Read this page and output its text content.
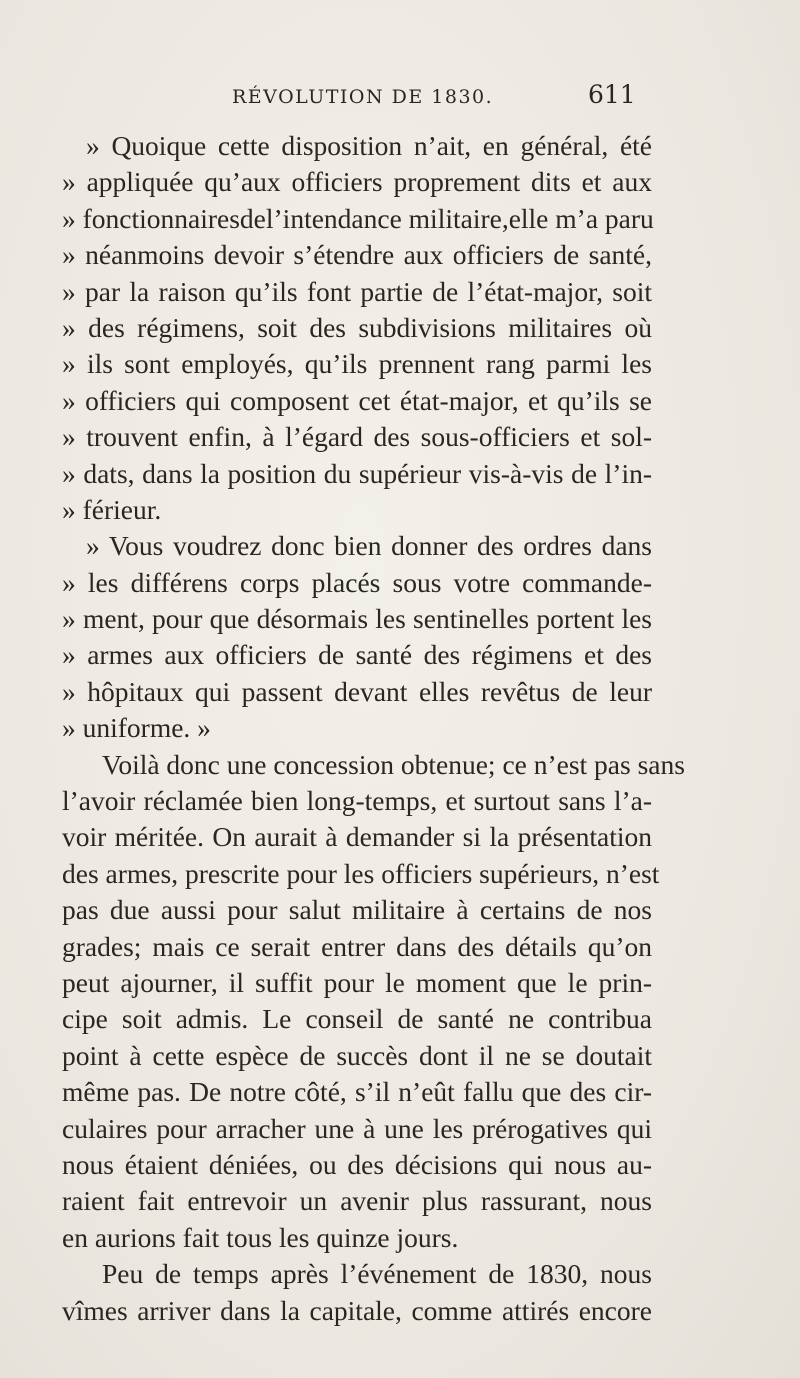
RÉVOLUTION DE 1830.	611
» Quoique cette disposition n’ait, en général, été
» appliquée qu’aux officiers proprement dits et aux
» fonctionnairesdel’intendance militaire,elle m’a paru
» néanmoins devoir s’étendre aux officiers de santé,
» par la raison qu’ils font partie de l’état-major, soit
» des régimens, soit des subdivisions militaires où
» ils sont employés, qu’ils prennent rang parmi les
» officiers qui composent cet état-major, et qu’ils se
» trouvent enfin, à l’égard des sous-officiers et sol-
» dats, dans la position du supérieur vis-à-vis de l’in-
» férieur.
» Vous voudrez donc bien donner des ordres dans
» les différens corps placés sous votre commande-
» ment, pour que désormais les sentinelles portent les
» armes aux officiers de santé des régimens et des
» hôpitaux qui passent devant elles revêtus de leur
» uniforme. »
Voilà donc une concession obtenue; ce n’est pas sans
l’avoir réclamée bien long-temps, et surtout sans l’a-
voir méritée. On aurait à demander si la présentation
des armes, prescrite pour les officiers supérieurs, n’est
pas due aussi pour salut militaire à certains de nos
grades; mais ce serait entrer dans des détails qu’on
peut ajourner, il suffit pour le moment que le prin-
cipe soit admis. Le conseil de santé ne contribua
point à cette espèce de succès dont il ne se doutait
même pas. De notre côté, s’il n’eût fallu que des cir-
culaires pour arracher une à une les prérogatives qui
nous étaient déniées, ou des décisions qui nous au-
raient fait entrevoir un avenir plus rassurant, nous
en aurions fait tous les quinze jours.
Peu de temps après l’événement de 1830, nous
vîmes arriver dans la capitale, comme attirés encore
